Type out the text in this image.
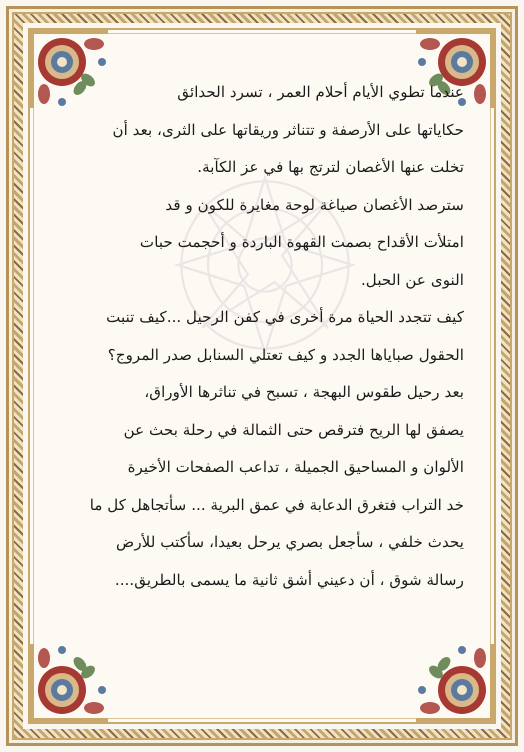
عندما تطوي الأيام أحلام العمر ، تسرد الحدائق

حكاياتها على الأرصفة و تتناثر وريقاتها على الثرى، بعد أن

تخلت عنها الأغصان لترتج بها في عز الكآبة.

سترصد الأغصان صياغة لوحة مغايرة للكون و قد

امتلأت الأقداح بصمت القهوة الباردة و أحجمت حبات

النوى عن الحبل.

كيف تتجدد الحياة مرة أخرى في كفن الرحيل ...كيف تنبت

الحقول صباياها الجدد و كيف تعتلي السنابل صدر المروج؟

بعد رحيل طقوس البهجة ، تسبح في تناثرها الأوراق،

يصفق لها الريح فترقص حتى الثمالة في رحلة بحث عن

الألوان و المساحيق الجميلة ، تداعب الصفحات الأخيرة

خد التراب فتغرق الدعابة في عمق البرية ... سأتجاهل كل ما

يحدث خلفي ، سأجعل بصري يرحل بعيدا، سأكتب للأرض

رسالة شوق ، أن دعيني أشق ثانية ما يسمى بالطريق....
